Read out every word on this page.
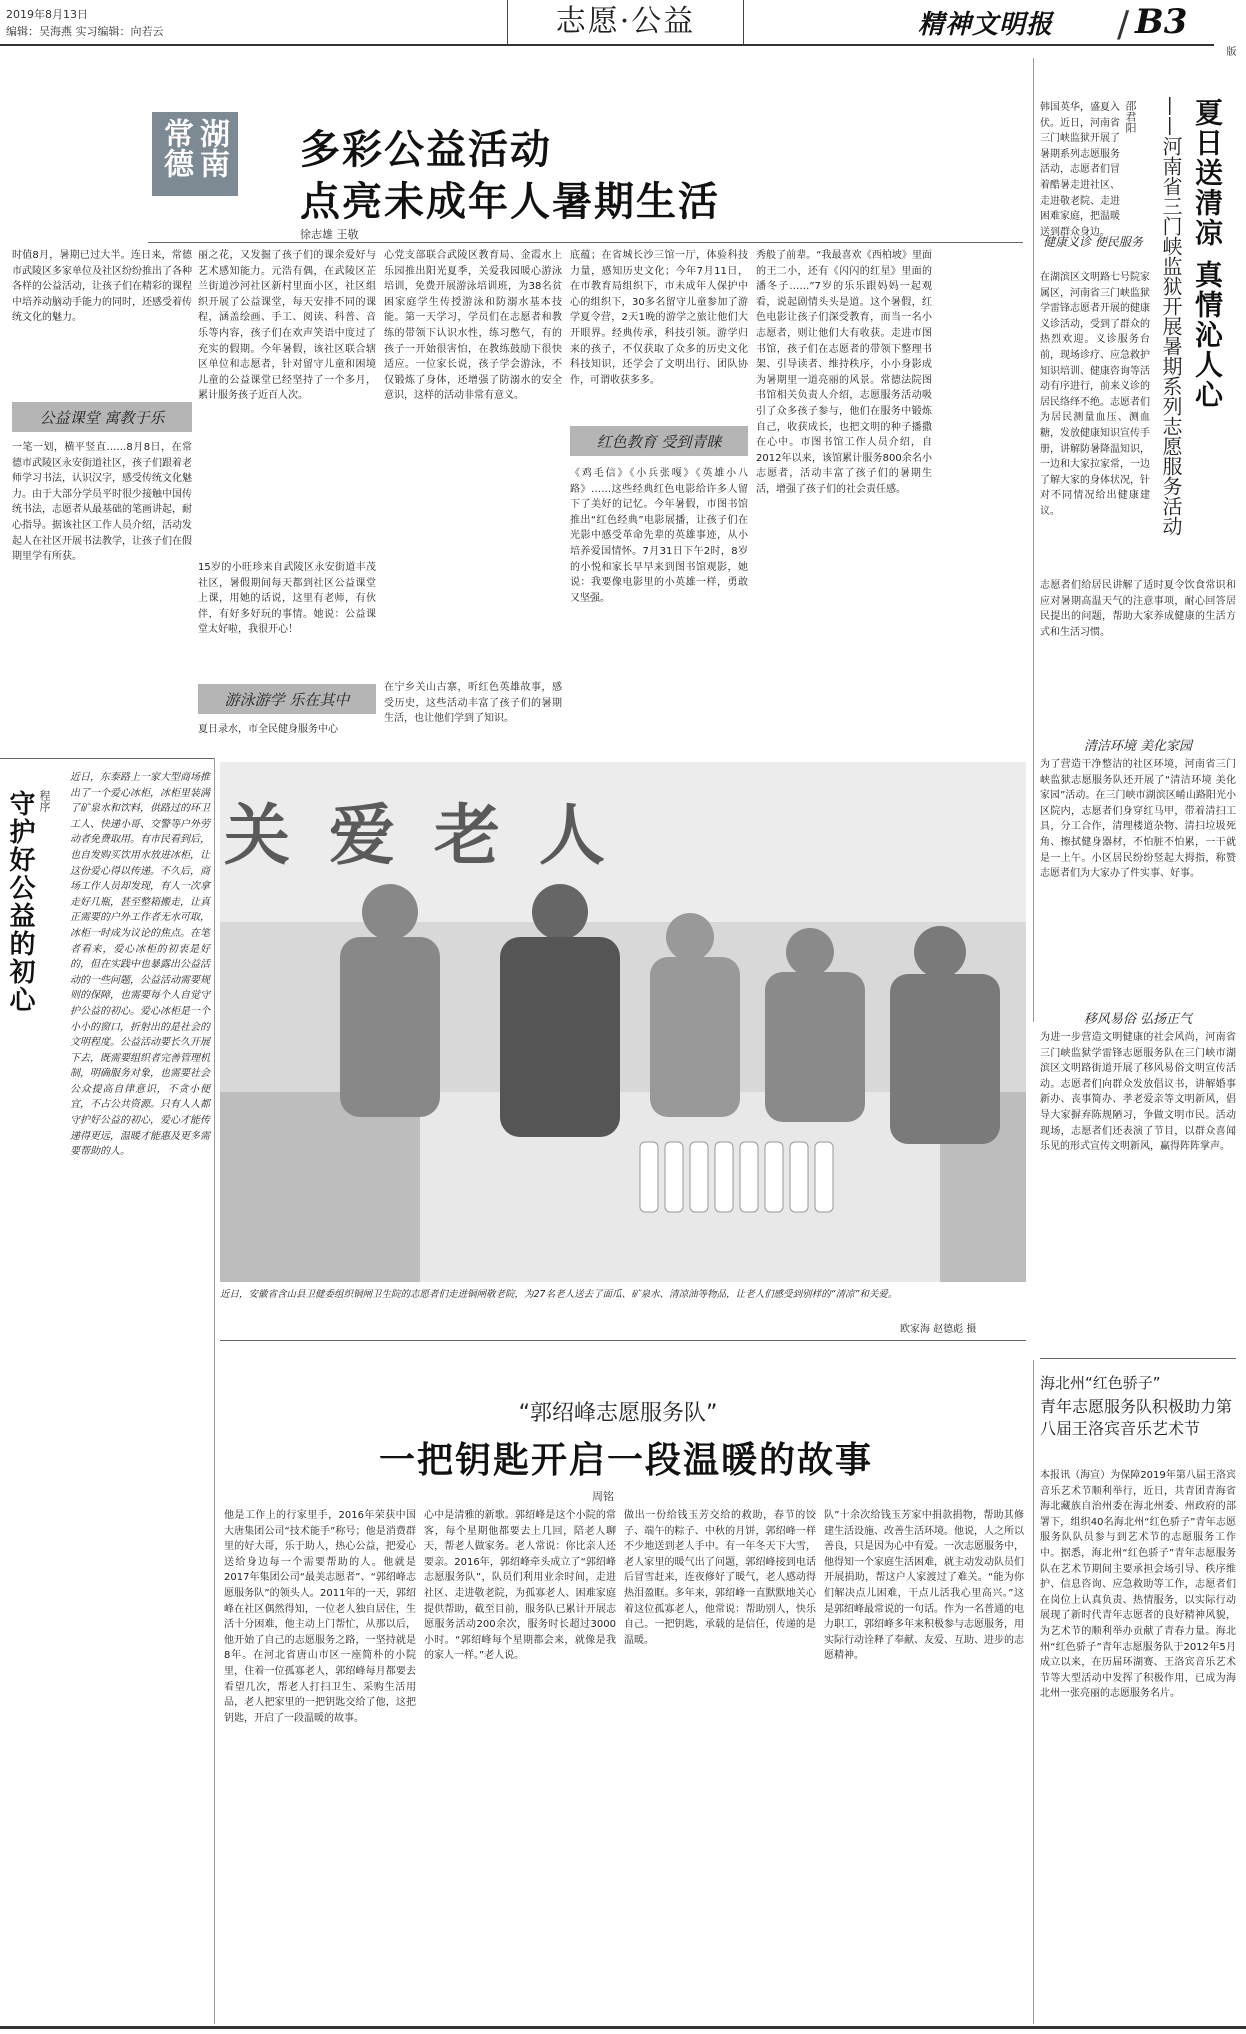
2019年8月13日
编辑：吴海燕 实习编辑：向若云	志愿·公益	精神文明报 / B3
版
湖南
常德	多彩公益活动
点亮未成年人暑期生活
徐志雄 王敬
时值8月，暑期已过大半。连日来，常德市武陵区多家单位及社区纷纷推出了各种各样的公益活动，让孩子们在精彩的课程中培养动脑动手能力的同时，还感受着传统文化的魅力。
公益课堂 寓教于乐
一笔一划，横平竖直……8月8日，在常德市武陵区永安街道社区，孩子们跟着老师学习书法，认识汉字，感受传统文化魅力。由于大部分学员平时很少接触中国传统书法，志愿者从最基础的笔画讲起，耐心指导。据该社区工作人员介绍，活动发起人在社区开展书法教学，让孩子们在假期里学有所获。
丽之花，又发掘了孩子们的课余爱好与艺术感知能力。元浩有偶，在武陵区芷兰街道沙河社区新村里面小区，社区组织开展了公益课堂，每天安排不同的课程，涵盖绘画、手工、阅读、科普、音乐等内容，孩子们在欢声笑语中度过了充实的假期。今年暑假，该社区联合辖区单位和志愿者，针对留守儿童和困境儿童的公益课堂已经坚持了一个多月，累计服务孩子近百人次。
15岁的小旺珍来自武陵区永安街道丰茂社区，暑假期间每天都到社区公益课堂上课，用她的话说，这里有老师，有伙伴，有好多好玩的事情。她说：公益课堂太好啦，我很开心！
游泳游学 乐在其中
夏日录水，市全民健身服务中心
心党支部联合武陵区教育局、金霞水上乐园推出阳光夏季，关爱我园暖心游泳培训，免费开展游泳培训班，为38名贫困家庭学生传授游泳和防溺水基本技能。第一天学习，学员们在志愿者和教练的带领下认识水性，练习憋气，有的孩子一开始很害怕，在教练鼓励下很快适应。一位家长说，孩子学会游泳，不仅锻炼了身体，还增强了防溺水的安全意识，这样的活动非常有意义。
在宁乡关山古寨，听红色英雄故事，感受历史，这些活动丰富了孩子们的暑期生活，也让他们学到了知识。
底蕴；在省城长沙三馆一厅，体验科技力量，感知历史文化；今年7月11日，在市教育局组织下，市未成年人保护中心的组织下，30多名留守儿童参加了游学夏令营，2天1晚的游学之旅让他们大开眼界。经典传承，科技引领。游学归来的孩子，不仅获取了众多的历史文化科技知识，还学会了文明出行、团队协作，可谓收获多多。
红色教育 受到青睐
《鸡毛信》《小兵张嘎》《英雄小八路》……这些经典红色电影给许多人留下了美好的记忆。今年暑假，市图书馆推出“红色经典”电影展播，让孩子们在光影中感受革命先辈的英雄事迹，从小培养爱国情怀。7月31日下午2时，8岁的小悦和家长早早来到图书馆观影，她说：我要像电影里的小英雄一样，勇敢又坚强。
秀般了前辈。“我最喜欢《西柏坡》里面的王二小，还有《闪闪的红星》里面的潘冬子……”7岁的乐乐跟妈妈一起观看，说起剧情头头是道。这个暑假，红色电影让孩子们深受教育，而当一名小志愿者，则让他们大有收获。走进市图书馆，孩子们在志愿者的带领下整理书架、引导读者、维持秩序，小小身影成为暑期里一道亮丽的风景。常德法院图书馆相关负责人介绍，志愿服务活动吸引了众多孩子参与，他们在服务中锻炼自己，收获成长，也把文明的种子播撒在心中。市图书馆工作人员介绍，自2012年以来，该馆累计服务800余名小志愿者，活动丰富了孩子们的暑期生活，增强了孩子们的社会责任感。
韩国英华，盛夏入伏。近日，河南省三门峡监狱开展了暑期系列志愿服务活动，志愿者们冒着酷暑走进社区、走进敬老院、走进困难家庭，把温暖送到群众身边。
邵君阳 夏日送清凉 真情沁人心
——河南省三门峡监狱开展暑期系列志愿服务活动
健康义诊 便民服务
在湖滨区文明路七号院家属区，河南省三门峡监狱学雷锋志愿者开展的健康义诊活动，受到了群众的热烈欢迎。义诊服务台前，现场诊疗、应急救护知识培训、健康咨询等活动有序进行，前来义诊的居民络绎不绝。志愿者们为居民测量血压、测血糖，发放健康知识宣传手册，讲解防暑降温知识，一边和大家拉家常，一边了解大家的身体状况，针对不同情况给出健康建议。
志愿者们给居民讲解了适时夏令饮食常识和应对暑期高温天气的注意事项，耐心回答居民提出的问题，帮助大家养成健康的生活方式和生活习惯。
清洁环境 美化家园
为了营造干净整洁的社区环境，河南省三门峡监狱志愿服务队还开展了“清洁环境 美化家园”活动。在三门峡市湖滨区崤山路阳光小区院内，志愿者们身穿红马甲，带着清扫工具，分工合作，清理楼道杂物、清扫垃圾死角、擦拭健身器材，不怕脏不怕累，一干就是一上午。小区居民纷纷竖起大拇指，称赞志愿者们为大家办了件实事、好事。
移风易俗 弘扬正气
为进一步营造文明健康的社会风尚，河南省三门峡监狱学雷锋志愿服务队在三门峡市湖滨区文明路街道开展了移风易俗文明宣传活动。志愿者们向群众发放倡议书，讲解婚事新办、丧事简办、孝老爱亲等文明新风，倡导大家摒弃陈规陋习，争做文明市民。活动现场，志愿者们还表演了节目，以群众喜闻乐见的形式宣传文明新风，赢得阵阵掌声。
守护好公益的初心 程序
近日，东泰路上一家大型商场推出了一个爱心冰柜，冰柜里装满了矿泉水和饮料，供路过的环卫工人、快递小哥、交警等户外劳动者免费取用。有市民看到后，也自发购买饮用水放进冰柜，让这份爱心得以传递。不久后，商场工作人员却发现，有人一次拿走好几瓶，甚至整箱搬走，让真正需要的户外工作者无水可取，冰柜一时成为议论的焦点。在笔者看来，爱心冰柜的初衷是好的，但在实践中也暴露出公益活动的一些问题，公益活动需要规则的保障，也需要每个人自觉守护公益的初心。爱心冰柜是一个小小的窗口，折射出的是社会的文明程度。公益活动要长久开展下去，既需要组织者完善管理机制，明确服务对象，也需要社会公众提高自律意识，不贪小便宜，不占公共资源。只有人人都守护好公益的初心，爱心才能传递得更远，温暖才能惠及更多需要帮助的人。
关 爱 老 人
近日，安徽省含山县卫健委组织铜闸卫生院的志愿者们走进铜闸敬老院，为27名老人送去了面瓜、矿泉水、清凉油等物品，让老人们感受到别样的“清凉”和关爱。
欧家海 赵德彪 摄
“郭绍峰志愿服务队”
一把钥匙开启一段温暖的故事
周铭
他是工作上的行家里手，2016年荣获中国大唐集团公司“技术能手”称号；他是消费群里的好大哥，乐于助人，热心公益，把爱心送给身边每一个需要帮助的人。他就是2017年集团公司“最美志愿者”、“郭绍峰志愿服务队”的领头人。2011年的一天，郭绍峰在社区偶然得知，一位老人独自居住，生活十分困难，他主动上门帮忙，从那以后，他开始了自己的志愿服务之路，一坚持就是8年。在河北省唐山市区一座简朴的小院里，住着一位孤寡老人，郭绍峰每月都要去看望几次，帮老人打扫卫生、采购生活用品，老人把家里的一把钥匙交给了他，这把钥匙，开启了一段温暖的故事。
心中是清雅的新歌。郭绍峰是这个小院的常客，每个星期他都要去上几回，陪老人聊天，帮老人做家务。老人常说：你比亲人还要亲。2016年，郭绍峰牵头成立了“郭绍峰志愿服务队”，队员们利用业余时间，走进社区、走进敬老院，为孤寡老人、困难家庭提供帮助，截至目前，服务队已累计开展志愿服务活动200余次，服务时长超过3000小时。“郭绍峰每个星期都会来，就像是我的家人一样。”老人说。
做出一份给钱玉芳交给的救助，春节的饺子、端午的粽子、中秋的月饼，郭绍峰一样不少地送到老人手中。有一年冬天下大雪，老人家里的暖气出了问题，郭绍峰接到电话后冒雪赶来，连夜修好了暖气，老人感动得热泪盈眶。多年来，郭绍峰一直默默地关心着这位孤寡老人，他常说：帮助别人，快乐自己。一把钥匙，承载的是信任，传递的是温暖。
队”十余次给钱玉芳家中捐款捐物，帮助其修建生活设施、改善生活环境。他说，人之所以善良，只是因为心中有爱。一次志愿服务中，他得知一个家庭生活困难，就主动发动队员们开展捐助，帮这户人家渡过了难关。“能为你们解决点儿困难，干点儿活我心里高兴。”这是郭绍峰最常说的一句话。作为一名普通的电力职工，郭绍峰多年来积极参与志愿服务，用实际行动诠释了奉献、友爱、互助、进步的志愿精神。
海北州“红色骄子”
青年志愿服务队积极助力第八届王洛宾音乐艺术节
本报讯（海宣）为保障2019年第八届王洛宾音乐艺术节顺利举行，近日，共青团青海省海北藏族自治州委在海北州委、州政府的部署下，组织40名海北州“红色骄子”青年志愿服务队队员参与到艺术节的志愿服务工作中。据悉，海北州“红色骄子”青年志愿服务队在艺术节期间主要承担会场引导、秩序维护、信息咨询、应急救助等工作，志愿者们在岗位上认真负责、热情服务，以实际行动展现了新时代青年志愿者的良好精神风貌，为艺术节的顺利举办贡献了青春力量。海北州“红色骄子”青年志愿服务队于2012年5月成立以来，在历届环湖赛、王洛宾音乐艺术节等大型活动中发挥了积极作用，已成为海北州一张亮丽的志愿服务名片。
